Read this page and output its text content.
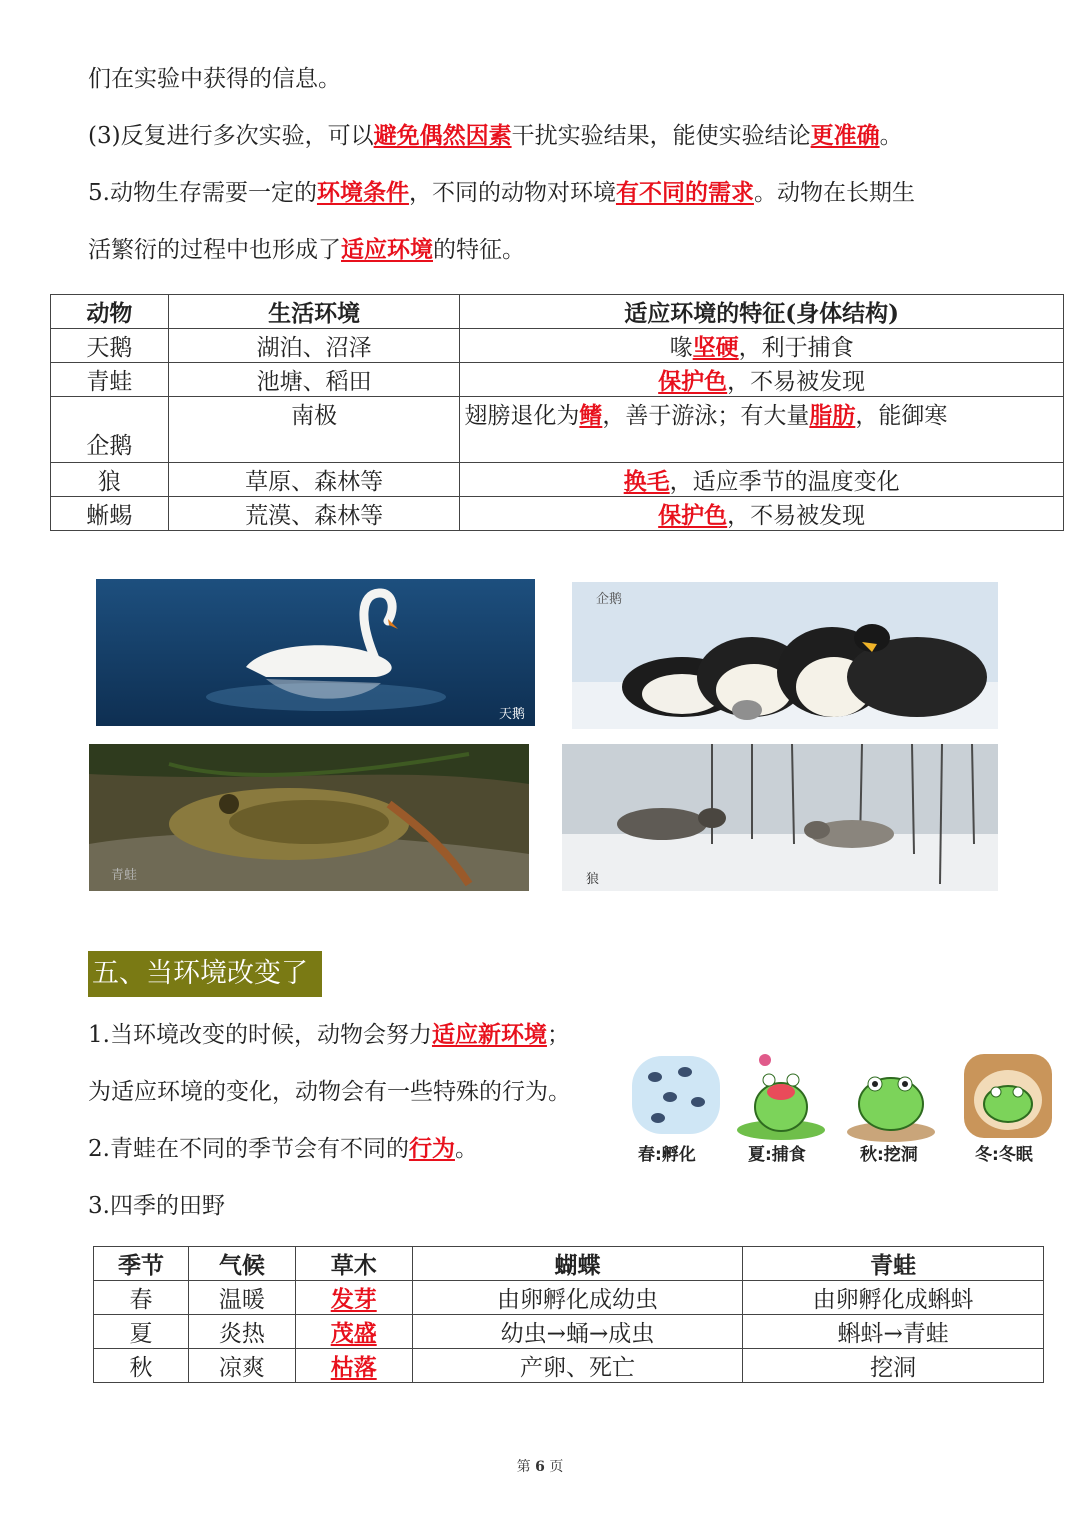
们在实验中获得的信息。
(3)反复进行多次实验，可以避免偶然因素干扰实验结果，能使实验结论更准确。
5.动物生存需要一定的环境条件，不同的动物对环境有不同的需求。动物在长期生
活繁衍的过程中也形成了适应环境的特征。
动物	生活环境	适应环境的特征(身体结构)
天鹅	湖泊、沼泽	喙坚硬，利于捕食
青蛙	池塘、稻田	保护色，不易被发现
企鹅	南极	翅膀退化为鳍，善于游泳；有大量脂肪，能御寒
狼	草原、森林等	换毛，适应季节的温度变化
蜥蜴	荒漠、森林等	保护色，不易被发现
天鹅
企鹅
青蛙	狼
五、当环境改变了
1.当环境改变的时候，动物会努力适应新环境；
为适应环境的变化，动物会有一些特殊的行为。
2.青蛙在不同的季节会有不同的行为。
3.四季的田野
春:孵化	夏:捕食	秋:挖洞	冬:冬眠
季节	气候	草木	蝴蝶	青蛙
春	温暖	发芽	由卵孵化成幼虫	由卵孵化成蝌蚪
夏	炎热	茂盛	幼虫→蛹→成虫	蝌蚪→青蛙
秋	凉爽	枯落	产卵、死亡	挖洞
第 6 页
